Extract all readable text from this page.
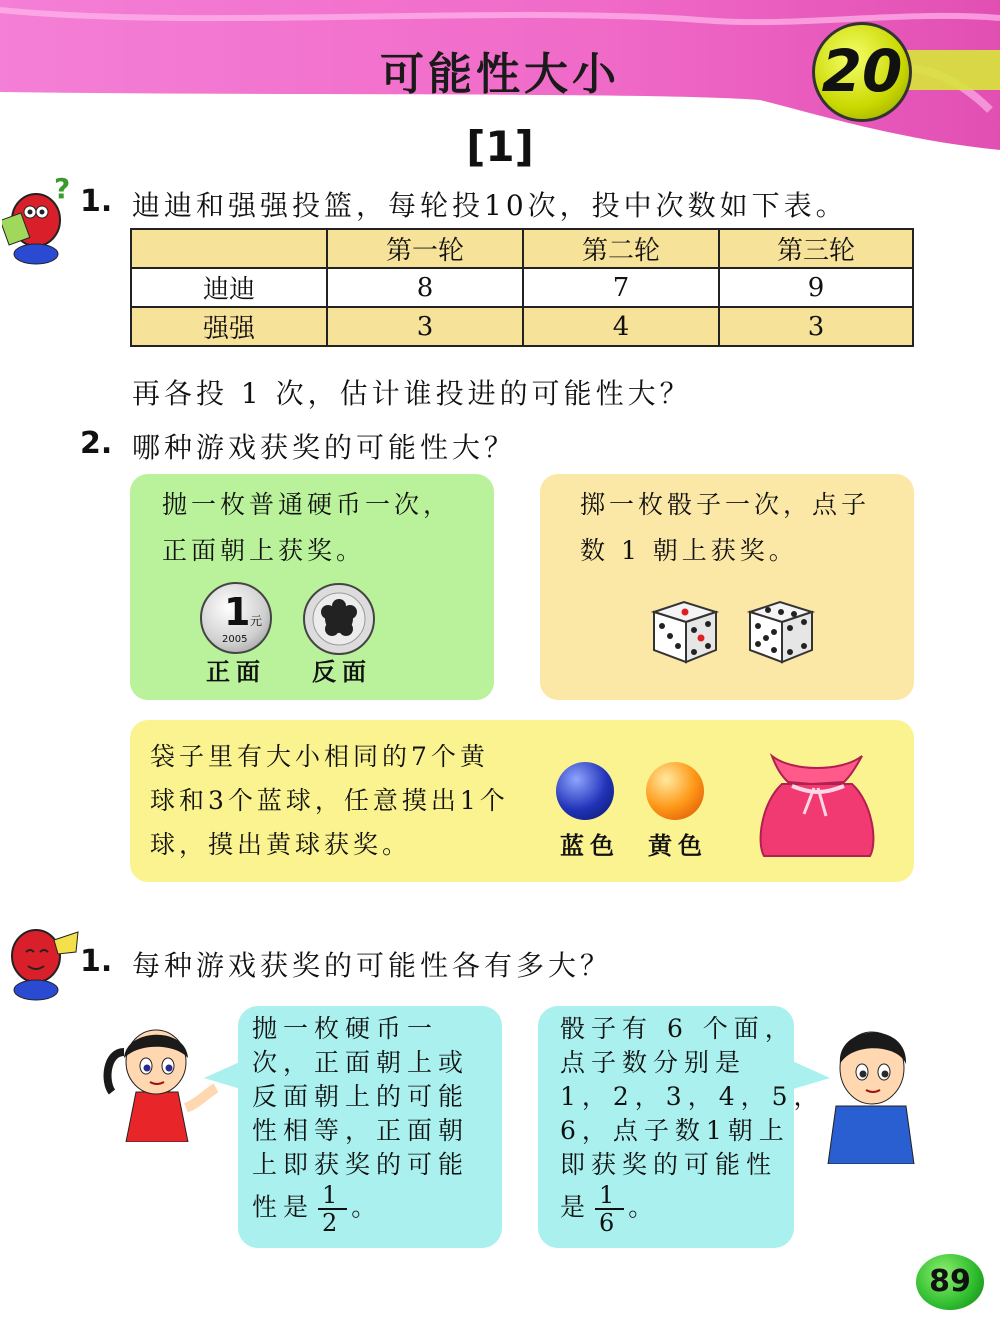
可能性大小	20
[1]
? 1. 迪迪和强强投篮，每轮投10次，投中次数如下表。
	第一轮	第二轮	第三轮
迪迪	8	7	9
强强	3	4	3
再各投 1 次，估计谁投进的可能性大？
2. 哪种游戏获奖的可能性大？
抛一枚普通硬币一次，
正面朝上获奖。
1 元
2005
正面 反面
掷一枚骰子一次，点子
数 1 朝上获奖。
袋子里有大小相同的7个黄
球和3个蓝球，任意摸出1个
球，摸出黄球获奖。	蓝色 黄色
1. 每种游戏获奖的可能性各有多大？
抛一枚硬币一
次，正面朝上或
反面朝上的可能
性相等，正面朝
上即获奖的可能
性是 $\frac{1}{2}$ 。
骰子有 6 个面，
点子数分别是
1，2，3，4，5，
6，点子数1朝上
即获奖的可能性
是 $\frac{1}{6}$ 。
89
